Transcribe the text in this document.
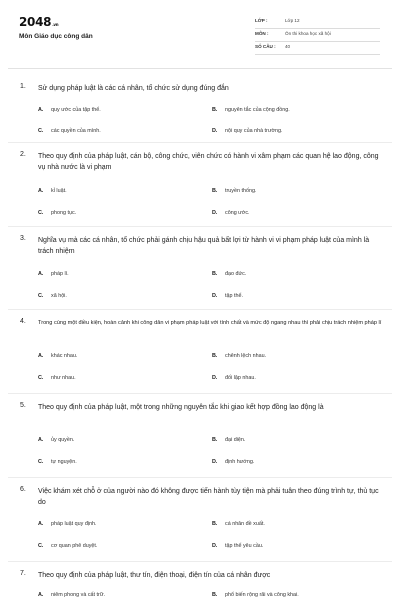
2048.vn
Môn Giáo dục công dân
LỚP :	Lớp 12
MÔN :	Ôn thi khoa học xã hội
SỐ CÂU : 40
1. Sử dụng pháp luật là các cá nhân, tổ chức sử dụng đúng đắn
A. quy ước của tập thể.	B. nguyên tắc của cộng đồng.
C. các quyền của mình.	D. nội quy của nhà trường.
2. Theo quy định của pháp luật, cán bộ, công chức, viên chức có hành vi xâm phạm các quan hệ lao động, công vụ nhà nước là vi phạm
A. kỉ luật.	B. truyền thống.
C. phong tục.	D. công ước.
3. Nghĩa vụ mà các cá nhân, tổ chức phải gánh chịu hậu quả bất lợi từ hành vi vi phạm pháp luật của mình là trách nhiệm
A. pháp lí.	B. đạo đức.
C. xã hội.	D. tập thể.
4. Trong cùng một điều kiện, hoàn cảnh khi công dân vi phạm pháp luật với tính chất và mức độ ngang nhau thì phải chịu trách nhiệm pháp lí
A. khác nhau.	B. chênh lệch nhau.
C. như nhau.	D. đối lập nhau.
5. Theo quy định của pháp luật, một trong những nguyên tắc khi giao kết hợp đồng lao động là
A. ủy quyền.	B. đại diện.
C. tự nguyện.	D. định hướng.
6. Việc khám xét chỗ ở của người nào đó không được tiến hành tùy tiện mà phải tuân theo đúng trình tự, thủ tục do
A. pháp luật quy định.	B. cá nhân đề xuất.
C. cơ quan phê duyệt.	D. tập thể yêu cầu.
7. Theo quy định của pháp luật, thư tín, điện thoại, điện tín của cá nhân được
A. niêm phong và cất trữ.	B. phổ biến rộng rãi và công khai.
